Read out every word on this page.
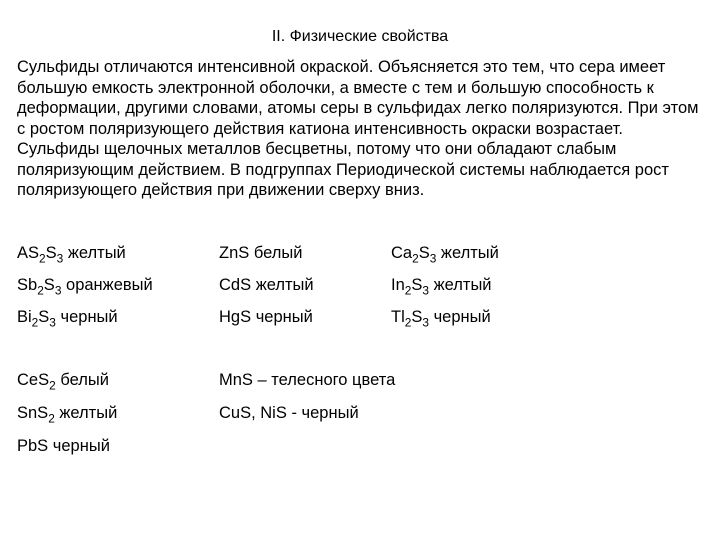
II. Физические свойства

Сульфиды отличаются интенсивной окраской. Объясняется это тем, что сера имеет большую емкость электронной оболочки, а вместе с тем и большую способность к деформации, другими словами, атомы серы в сульфидах легко поляризуются. При этом с ростом поляризующего действия катиона интенсивность окраски возрастает. Сульфиды щелочных металлов бесцветны, потому что они обладают слабым поляризующим действием. В подгруппах Периодической системы наблюдается рост поляризующего действия при движении сверху вниз.

$AS_2S_3$ желтый	ZnS белый	$Ca_2S_3$ желтый
$Sb_2S_3$ оранжевый	CdS желтый	$In_2S_3$ желтый
$Bi_2S_3$ черный	HgS черный	$Tl_2S_3$ черный
CeS$_2$ белый	MnS – телесного цвета
SnS$_2$ желтый	CuS, NiS - черный
PbS черный
